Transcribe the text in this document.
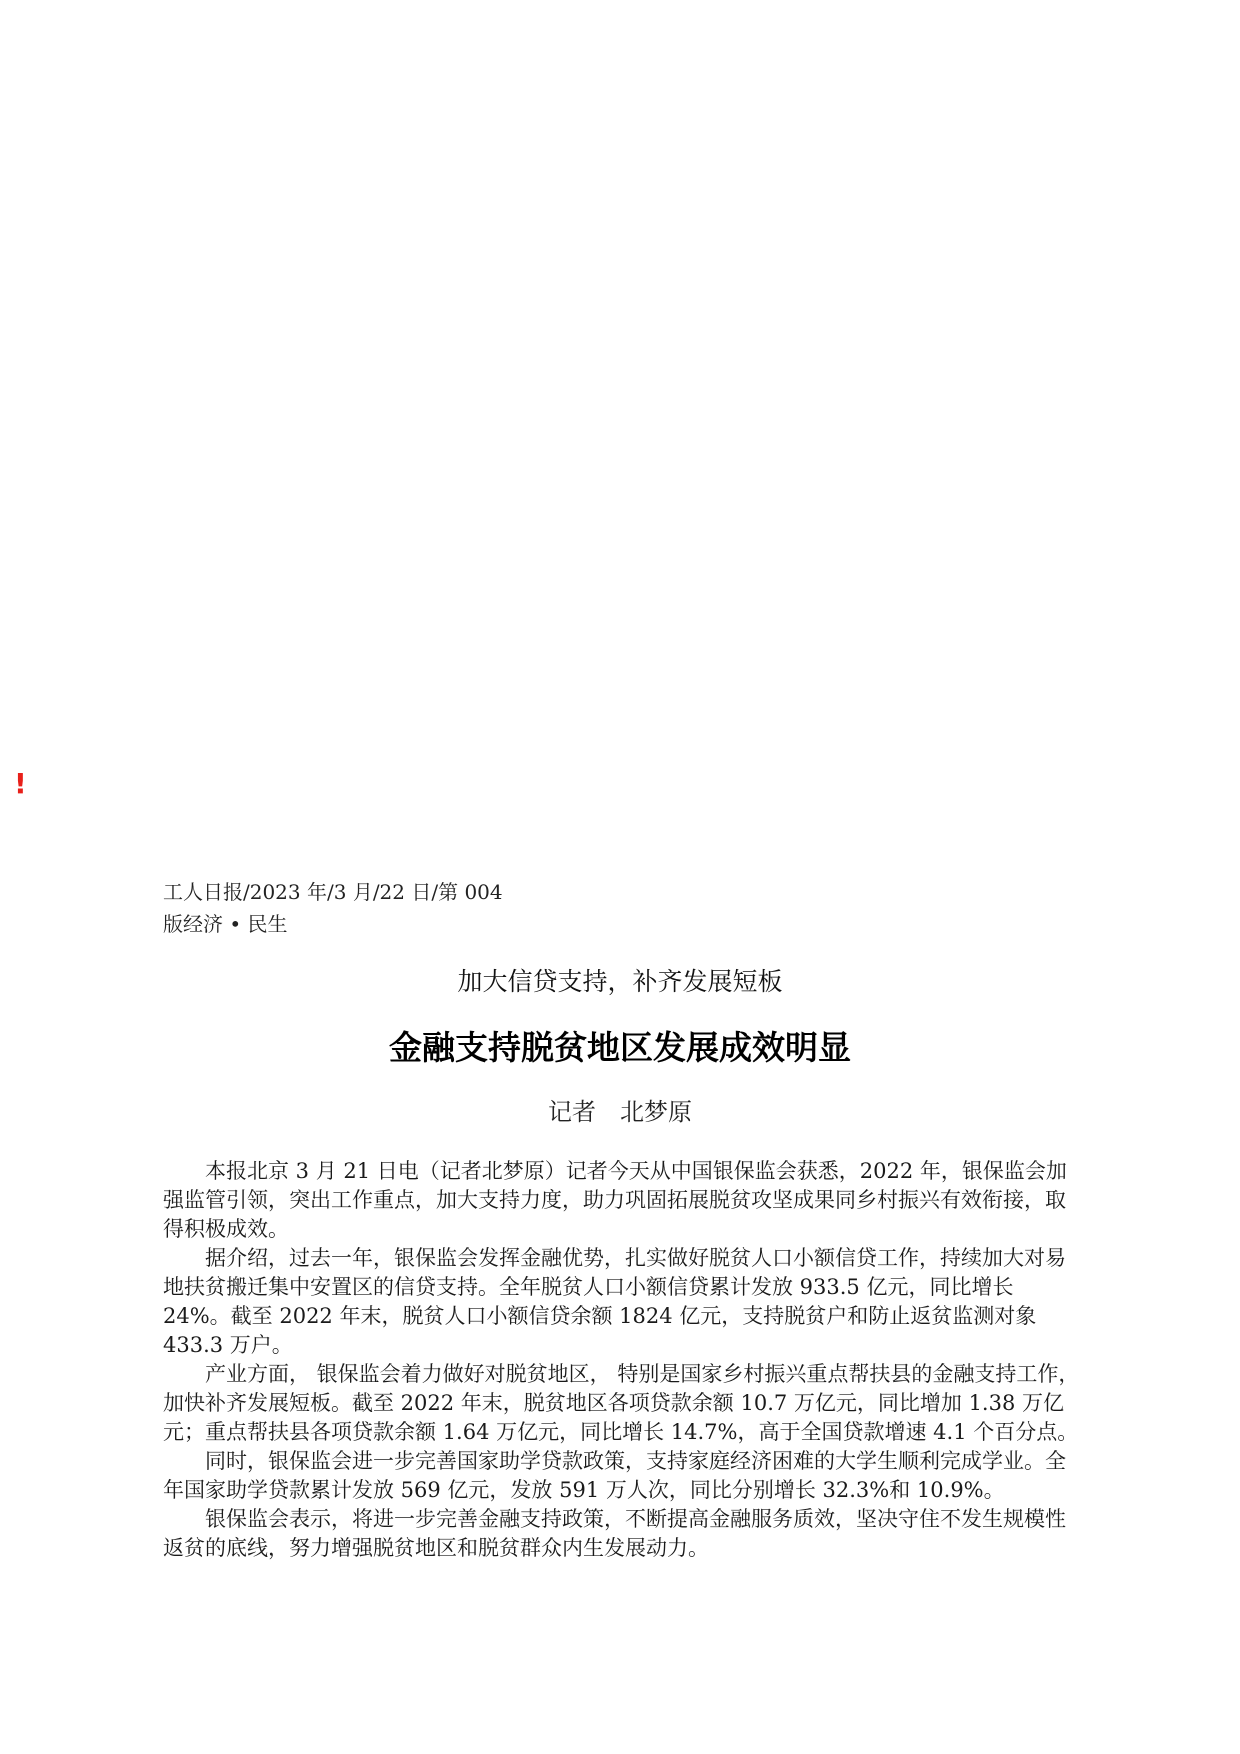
!
工人日报/2023 年/3 月/22 日/第 004
版经济 • 民生
加大信贷支持，补齐发展短板
金融支持脱贫地区发展成效明显
记者 北梦原

本报北京 3 月 21 日电（记者北梦原）记者今天从中国银保监会获悉，2022 年，银保监会加强监管引领，突出工作重点，加大支持力度，助力巩固拓展脱贫攻坚成果同乡村振兴有效衔接，取得积极成效。

据介绍，过去一年，银保监会发挥金融优势，扎实做好脱贫人口小额信贷工作，持续加大对易地扶贫搬迁集中安置区的信贷支持。全年脱贫人口小额信贷累计发放 933.5 亿元，同比增长 24%。截至 2022 年末，脱贫人口小额信贷余额 1824 亿元，支持脱贫户和防止返贫监测对象 433.3 万户。

产业方面， 银保监会着力做好对脱贫地区， 特别是国家乡村振兴重点帮扶县的金融支持工作，加快补齐发展短板。截至 2022 年末，脱贫地区各项贷款余额 10.7 万亿元，同比增加 1.38 万亿元；重点帮扶县各项贷款余额 1.64 万亿元，同比增长 14.7%，高于全国贷款增速 4.1 个百分点。

同时，银保监会进一步完善国家助学贷款政策，支持家庭经济困难的大学生顺利完成学业。全年国家助学贷款累计发放 569 亿元，发放 591 万人次，同比分别增长 32.3%和 10.9%。

银保监会表示，将进一步完善金融支持政策，不断提高金融服务质效，坚决守住不发生规模性返贫的底线，努力增强脱贫地区和脱贫群众内生发展动力。
